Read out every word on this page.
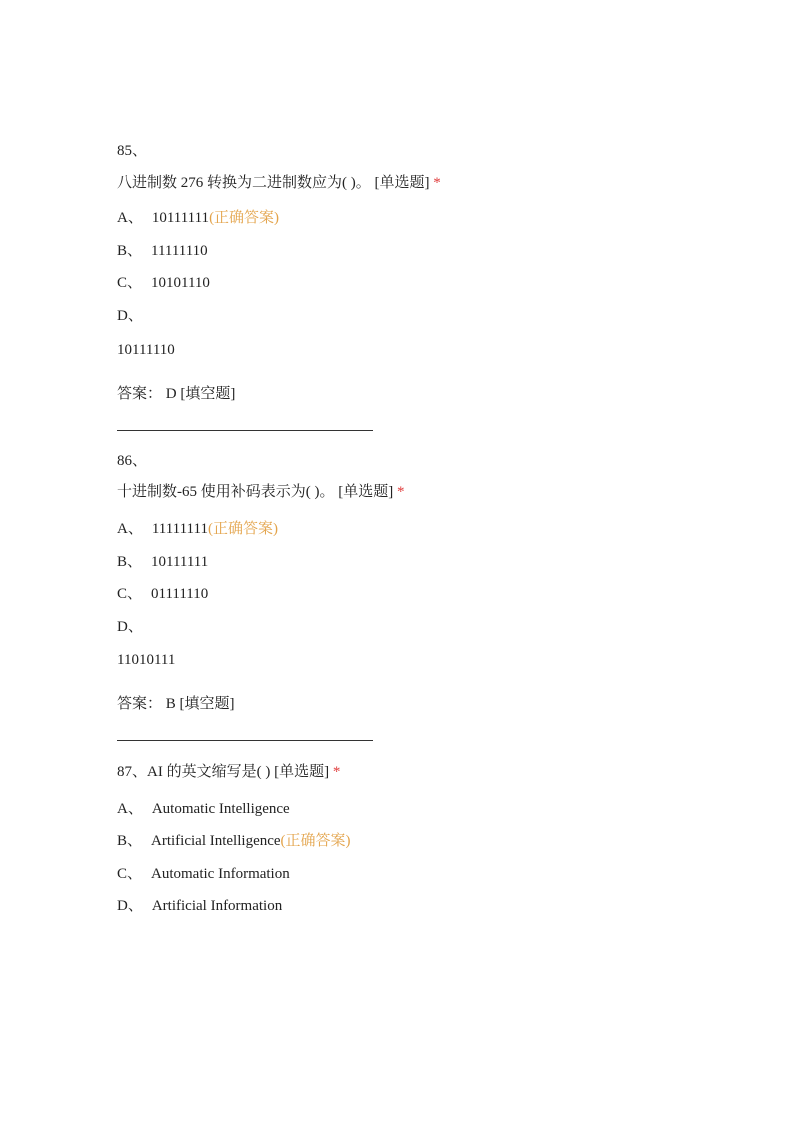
85、
八进制数 276 转换为二进制数应为( )。 [单选题] *
A、 10111111(正确答案)
B、 11111110
C、 10101110
D、
10111110
答案： D [填空题]
86、
十进制数-65 使用补码表示为( )。 [单选题] *
A、 11111111(正确答案)
B、 10111111
C、 01111110
D、
11010111
答案： B [填空题]
87、AI 的英文缩写是( ) [单选题] *
A、 Automatic Intelligence
B、 Artificial Intelligence(正确答案)
C、 Automatic Information
D、 Artificial Information
